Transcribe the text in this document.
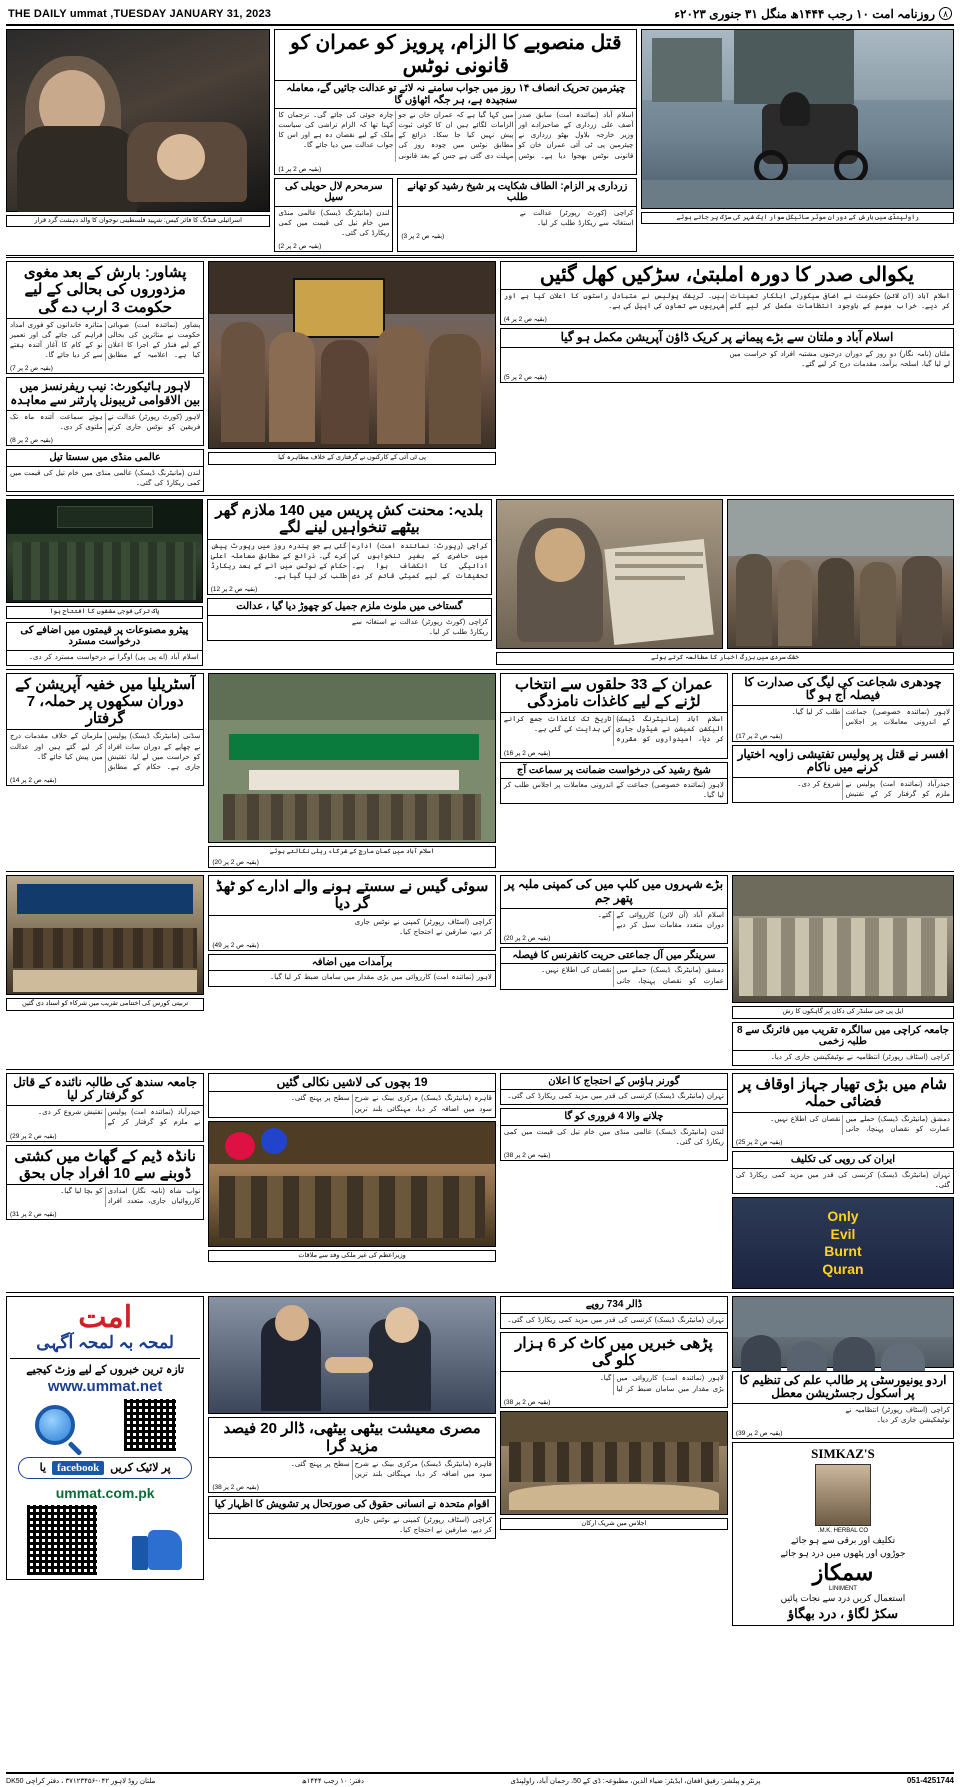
THE DAILY ummat ,TUESDAY JANUARY 31, 2023	روزنامہ امت ۱۰ رجب ۱۴۴۴ھ منگل ۳۱ جنوری ۲۰۲۳ء ۸
اسرائیلی فنڈنگ کا فائر کیس: شہید فلسطینی نوجوان کا والد دہشت گرد قرار
قتل منصوبے کا الزام، پرویز کو عمران کو قانونی نوٹس
چیئرمین تحریک انصاف ۱۴ روز میں جواب سامنے نہ لائے تو عدالت جائیں گے، معاملہ سنجیدہ ہے، ہر جگہ اٹھاؤں گا
اسلام آباد (نمائندہ امت) سابق صدر آصف علی زرداری کے صاحبزادے اور وزیر خارجہ بلاول بھٹو زرداری نے چیئرمین پی ٹی آئی عمران خان کو قانونی نوٹس بھجوا دیا ہے۔ نوٹس میں کہا گیا ہے کہ عمران خان نے جو الزامات لگائے ہیں ان کا کوئی ثبوت پیش نہیں کیا جا سکا۔ ذرائع کے مطابق نوٹس میں چودہ روز کی مہلت دی گئی ہے جس کے بعد قانونی چارہ جوئی کی جائے گی۔ ترجمان کا کہنا تھا کہ الزام تراشی کی سیاست ملک کے لیے نقصان دہ ہے اور اس کا جواب عدالت میں دیا جائے گا۔
(بقیہ ص 2 پر 1)
سرمحرم لال حویلی کی سیل
لندن (مانیٹرنگ ڈیسک) عالمی منڈی میں خام تیل کی قیمت میں کمی ریکارڈ کی گئی۔
(بقیہ ص 2 پر 2)
زرداری پر الزام: الطاف شکایت پر شیخ رشید کو تھانے طلب
کراچی (کورٹ رپورٹر) عدالت نے استغاثہ سے ریکارڈ طلب کر لیا۔
(بقیہ ص 2 پر 3)
راولپنڈی میں بارش کے دوران موٹر سائیکل سوار ایک شہر کی سڑک پر جاتے ہوئے
پشاور: بارش کے بعد مغوی مزدوروں کی بحالی کے لیے حکومت 3 ارب دے گی
پشاور (نمائندہ امت) صوبائی حکومت نے متاثرین کی بحالی کے لیے فنڈز کے اجرا کا اعلان کیا ہے۔ اعلامیہ کے مطابق متاثرہ خاندانوں کو فوری امداد فراہم کی جائے گی اور تعمیر نو کے کام کا آغاز آئندہ ہفتے سے کر دیا جائے گا۔
(بقیہ ص 2 پر 7)
لاہور ہائیکورٹ: نیب ریفرنسز میں بین الاقوامی ٹریبونل پارٹنر سے معاہدہ
لاہور (کورٹ رپورٹر) عدالت نے فریقین کو نوٹس جاری کرتے ہوئے سماعت آئندہ ماہ تک ملتوی کر دی۔
(بقیہ ص 2 پر 8)
عالمی منڈی میں سستا تیل
لندن (مانیٹرنگ ڈیسک) عالمی منڈی میں خام تیل کی قیمت میں کمی ریکارڈ کی گئی۔
پی ٹی آئی کے کارکنوں نے گرفتاری کے خلاف مظاہرہ کیا
یکوالی صدر کا دورہ املبتیٰ، سڑکیں کھل گئیں
اسلام آباد (آن لائن) حکومت نے اضافی سیکورٹی اہلکار تعینات کر دیے۔ خراب موسم کے باوجود انتظامات مکمل کر لیے گئے ہیں۔ ٹریفک پولیس نے متبادل راستوں کا اعلان کیا ہے اور شہریوں سے تعاون کی اپیل کی ہے۔
(بقیہ ص 2 پر 4)
اسلام آباد و ملتان سے بڑے پیمانے پر کریک ڈاؤن آپریشن مکمل ہو گیا
ملتان (نامہ نگار) دو روز کے دوران درجنوں مشتبہ افراد کو حراست میں لے لیا گیا، اسلحہ برآمد، مقدمات درج کر لیے گئے۔
(بقیہ ص 2 پر 5)
پاک ترکی فوجی مشقوں کا افتتاح ہوا
پیٹرو مصنوعات پر قیمتوں میں اضافے کی درخواست مسترد
اسلام آباد (اے پی پی) اوگرا نے درخواست مسترد کر دی۔
بلدیہ: محنت کش پریس میں 140 ملازم گھر بیٹھے تنخواہیں لینے لگے
کراچی (رپورٹ: نمائندہ امت) ادارے میں حاضری کے بغیر تنخواہوں کی ادائیگی کا انکشاف ہوا ہے۔ تحقیقات کے لیے کمیٹی قائم کر دی گئی ہے جو پندرہ روز میں رپورٹ پیش کرے گی۔ ذرائع کے مطابق معاملہ اعلیٰ حکام کے نوٹس میں آنے کے بعد ریکارڈ طلب کر لیا گیا ہے۔
(بقیہ ص 2 پر 12)
گستاخی میں ملوث ملزم جمیل کو چھوڑ دیا گیا ، عدالت
کراچی (کورٹ رپورٹر) عدالت نے استغاثہ سے ریکارڈ طلب کر لیا۔
خشک سردی میں بزرگ اخبار کا مطالعہ کرتے ہوئے
آسٹریلیا میں خفیہ آپریشن کے دوران سکھوں پر حملہ، 7 گرفتار
سڈنی (مانیٹرنگ ڈیسک) پولیس نے چھاپے کے دوران سات افراد کو حراست میں لے لیا، تفتیش جاری ہے۔ حکام کے مطابق ملزمان کے خلاف مقدمات درج کر لیے گئے ہیں اور عدالت میں پیش کیا جائے گا۔
(بقیہ ص 2 پر 14)
اسلام آباد میں کسان مارچ کے شرکاء ریلی نکالتے ہوئے
(بقیہ ص 2 پر 20)
عمران کے 33 حلقوں سے انتخاب لڑنے کے لیے کاغذات نامزدگی
اسلام آباد (مانیٹرنگ ڈیسک) الیکشن کمیشن نے شیڈول جاری کر دیا، امیدواروں کو مقررہ تاریخ تک کاغذات جمع کرانے کی ہدایت کی گئی ہے۔
(بقیہ ص 2 پر 16)
شیخ رشید کی درخواست ضمانت پر سماعت آج
لاہور (نمائندہ خصوصی) جماعت کے اندرونی معاملات پر اجلاس طلب کر لیا گیا۔
چودھری شجاعت کی لیگ کی صدارت کا فیصلہ آج ہو گا
لاہور (نمائندہ خصوصی) جماعت کے اندرونی معاملات پر اجلاس طلب کر لیا گیا۔
(بقیہ ص 2 پر 17)
افسر نے قتل پر پولیس تفتیشی زاویہ اختیار کرنے میں ناکام
حیدرآباد (نمائندہ امت) پولیس نے ملزم کو گرفتار کر کے تفتیش شروع کر دی۔
تربیتی کورس کی اختتامی تقریب میں شرکاء کو اسناد دی گئیں
سوئی گیس نے سستے ہونے والے ادارے کو ٹھڈ گر دیا
کراچی (اسٹاف رپورٹر) کمپنی نے نوٹس جاری کر دیے، صارفین نے احتجاج کیا۔
(بقیہ ص 2 پر 49)
برآمدات میں اضافہ
لاہور (نمائندہ امت) کارروائی میں بڑی مقدار میں سامان ضبط کر لیا گیا۔
بڑے شہروں میں کلپ میں کی کمپنی ملبہ پر پتھر جم
اسلام آباد (آن لائن) کارروائی کے دوران متعدد مقامات سیل کر دیے گئے۔
(بقیہ ص 2 پر 20)
سرینگر میں آل جماعتی حریت کانفرنس کا فیصلہ
دمشق (مانیٹرنگ ڈیسک) حملے میں عمارت کو نقصان پہنچا، جانی نقصان کی اطلاع نہیں۔
ایل پی جی سلنڈر کی دکان پر گاہکوں کا رش
جامعہ کراچی میں سالگرہ تقریب میں فائرنگ سے 8 طلبہ زخمی
کراچی (اسٹاف رپورٹر) انتظامیہ نے نوٹیفکیشن جاری کر دیا۔
جامعہ سندھ کی طالبہ نائندہ کے قاتل کو گرفتار کر لیا
حیدرآباد (نمائندہ امت) پولیس نے ملزم کو گرفتار کر کے تفتیش شروع کر دی۔
(بقیہ ص 2 پر 29)
نانڈہ ڈیم کے گھاٹ میں کشتی ڈوبنے سے 10 افراد جاں بحق
نواب شاہ (نامہ نگار) امدادی کارروائیاں جاری، متعدد افراد کو بچا لیا گیا۔
(بقیہ ص 2 پر 31)
19 بچوں کی لاشیں نکالی گئیں
قاہرہ (مانیٹرنگ ڈیسک) مرکزی بینک نے شرح سود میں اضافہ کر دیا، مہنگائی بلند ترین سطح پر پہنچ گئی۔
وزیراعظم کی غیر ملکی وفد سے ملاقات
گورنر ہاؤس کے احتجاج کا اعلان
تہران (مانیٹرنگ ڈیسک) کرنسی کی قدر میں مزید کمی ریکارڈ کی گئی۔
چلانے والا 4 فروری کو گا
لندن (مانیٹرنگ ڈیسک) عالمی منڈی میں خام تیل کی قیمت میں کمی ریکارڈ کی گئی۔
(بقیہ ص 2 پر 38)
شام میں بڑی تھیار جہاز اوقاف پر فضائی حملہ
دمشق (مانیٹرنگ ڈیسک) حملے میں عمارت کو نقصان پہنچا، جانی نقصان کی اطلاع نہیں۔
(بقیہ ص 2 پر 25)
ایران کی روپی کی تکلیف
تہران (مانیٹرنگ ڈیسک) کرنسی کی قدر میں مزید کمی ریکارڈ کی گئی۔
Only
Evil
Burnt
Quran
امت
لمحہ بہ لمحہ آگہی
تازہ ترین خبروں کے لیے وزٹ کیجیے
www.ummat.net
پر لائیک کریں
facebook
یا
ummat.com.pk
مصری معیشت بیٹھی بیٹھی، ڈالر 20 فیصد مزید گرا
قاہرہ (مانیٹرنگ ڈیسک) مرکزی بینک نے شرح سود میں اضافہ کر دیا، مہنگائی بلند ترین سطح پر پہنچ گئی۔
(بقیہ ص 2 پر 38)
اقوام متحدہ نے انسانی حقوق کی صورتحال پر تشویش کا اظہار کیا
کراچی (اسٹاف رپورٹر) کمپنی نے نوٹس جاری کر دیے، صارفین نے احتجاج کیا۔
ڈالر 734 روپے
تہران (مانیٹرنگ ڈیسک) کرنسی کی قدر میں مزید کمی ریکارڈ کی گئی۔
پڑھی خبریں میں کاٹ کر 6 ہزار کلو گی
لاہور (نمائندہ امت) کارروائی میں بڑی مقدار میں سامان ضبط کر لیا گیا۔
(بقیہ ص 2 پر 38)
اجلاس میں شریک ارکان
اردو یونیورسٹی پر طالب علم کی تنظیم کا پر اسکول رجسٹریشن معطل
کراچی (اسٹاف رپورٹر) انتظامیہ نے نوٹیفکیشن جاری کر دیا۔
(بقیہ ص 2 پر 39)
SIMKAZ'S
M.K. HERBAL CO.
تکلیف اور برقی سے ہو جائے
جوڑوں اور پٹھوں میں درد ہو جائے
سمکاز
LINIMENT
استعمال کریں درد سے نجات پائیں
سکڑ لگاؤ ، درد بھگاؤ
051-4251744
پرنٹر و پبلشر: رفیق افغان، ایڈیٹر: ضیاء الدین، مطبوعہ: ڈی کے 50، رحمان آباد، راولپنڈی
دفتر: ۱۰ رجب ۱۴۴۴ھ
ملتان روڈ لاہور ۰۴۲-۳۷۱۲۳۴۵۶ ، دفتر کراچی DK50
